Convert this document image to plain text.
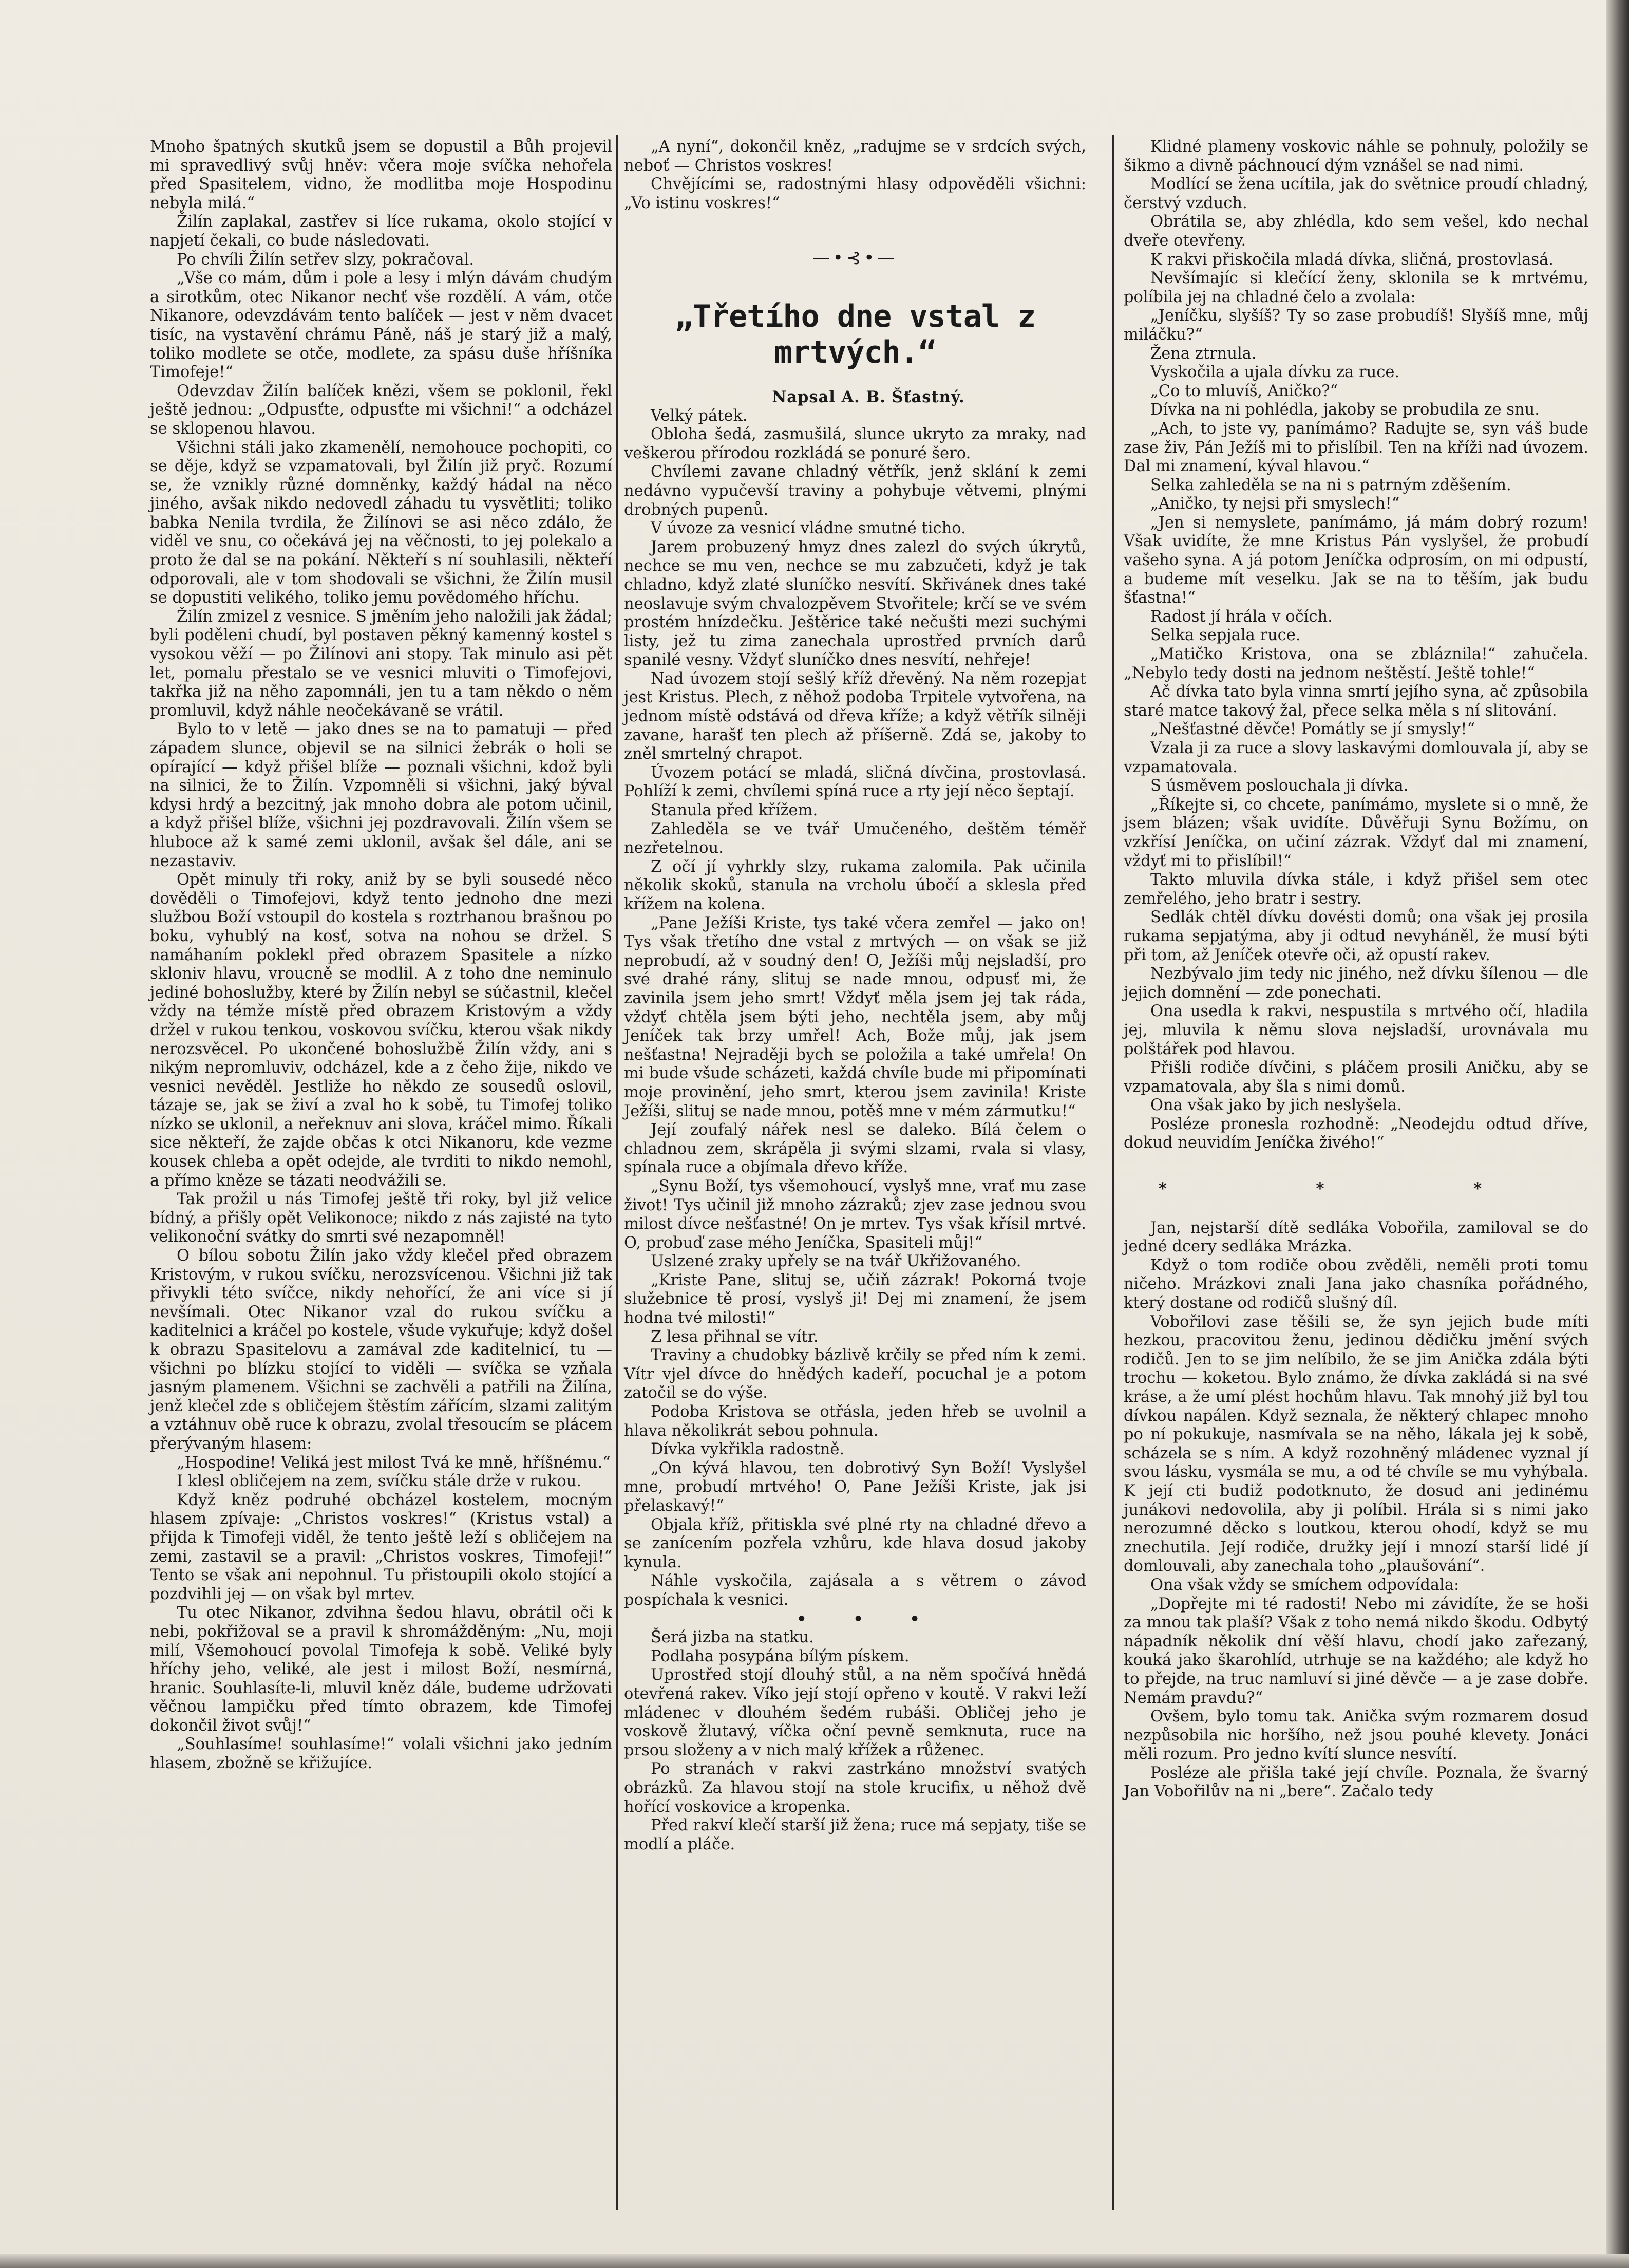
Mnoho špatných skutků jsem se dopustil a Bůh projevil mi spravedlivý svůj hněv: včera moje svíčka nehořela před Spasitelem, vidno, že modlitba moje Hospodinu nebyla milá.“

Žilín zaplakal, zastřev si líce rukama, okolo stojící v napjetí čekali, co bude následovati.

Po chvíli Žilín setřev slzy, pokračoval.

„Vše co mám, dům i pole a lesy i mlýn dávám chudým a sirotkům, otec Nikanor nechť vše rozdělí. A vám, otče Nikanore, odevzdávám tento balíček — jest v něm dvacet tisíc, na vystavění chrámu Páně, náš je starý již a malý, toliko modlete se otče, modlete, za spásu duše hříšníka Timofeje!“

Odevzdav Žilín balíček knězi, všem se poklonil, řekl ještě jednou: „Odpusťte, odpusťte mi všichni!“ a odcházel se sklopenou hlavou.

Všichni stáli jako zkamenělí, nemohouce pochopiti, co se děje, když se vzpamatovali, byl Žilín již pryč. Rozumí se, že vznikly různé domněnky, každý hádal na něco jiného, avšak nikdo nedovedl záhadu tu vysvětliti; toliko babka Nenila tvrdila, že Žilínovi se asi něco zdálo, že viděl ve snu, co očekává jej na věčnosti, to jej polekalo a proto že dal se na pokání. Někteří s ní souhlasili, někteří odporovali, ale v tom shodovali se všichni, že Žilín musil se dopustiti velikého, toliko jemu povědomého hříchu.

Žilín zmizel z vesnice. S jměním jeho naložili jak žádal; byli poděleni chudí, byl postaven pěkný kamenný kostel s vysokou věží — po Žilínovi ani stopy. Tak minulo asi pět let, pomalu přestalo se ve vesnici mluviti o Timofejovi, takřka již na něho zapomnáli, jen tu a tam někdo o něm promluvil, když náhle neočekávaně se vrátil.

Bylo to v letě — jako dnes se na to pamatuji — před západem slunce, objevil se na silnici žebrák o holi se opírající — když přišel blíže — poznali všichni, kdož byli na silnici, že to Žilín. Vzpomněli si všichni, jaký býval kdysi hrdý a bezcitný, jak mnoho dobra ale potom učinil, a když přišel blíže, všichni jej pozdravovali. Žilín všem se hluboce až k samé zemi uklonil, avšak šel dále, ani se nezastaviv.

Opět minuly tři roky, aniž by se byli sousedé něco dověděli o Timofejovi, když tento jednoho dne mezi službou Boží vstoupil do kostela s roztrhanou brašnou po boku, vyhublý na kosť, sotva na nohou se držel. S namáhaním poklekl před obrazem Spasitele a nízko skloniv hlavu, vroucně se modlil. A z toho dne neminulo jediné bohoslužby, které by Žilín nebyl se súčastnil, klečel vždy na témže místě před obrazem Kristovým a vždy držel v rukou tenkou, voskovou svíčku, kterou však nikdy nerozsvěcel. Po ukončené bohoslužbě Žilín vždy, ani s nikým nepromluviv, odcházel, kde a z čeho žije, nikdo ve vesnici nevěděl. Jestliže ho někdo ze sousedů oslovil, tázaje se, jak se živí a zval ho k sobě, tu Timofej toliko nízko se uklonil, a neřeknuv ani slova, kráčel mimo. Říkali sice někteří, že zajde občas k otci Nikanoru, kde vezme kousek chleba a opět odejde, ale tvrditi to nikdo nemohl, a přímo kněze se tázati neodvážili se.

Tak prožil u nás Timofej ještě tři roky, byl již velice bídný, a přišly opět Velikonoce; nikdo z nás zajisté na tyto velikonoční svátky do smrti své nezapomněl!

O bílou sobotu Žilín jako vždy klečel před obrazem Kristovým, v rukou svíčku, nerozsvícenou. Všichni již tak přivykli této svíčce, nikdy nehořící, že ani více si jí nevšímali. Otec Nikanor vzal do rukou svíčku a kaditelnici a kráčel po kostele, všude vykuřuje; když došel k obrazu Spasitelovu a zamával zde kaditelnicí, tu — všichni po blízku stojící to viděli — svíčka se vzňala jasným plamenem. Všichni se zachvěli a patřili na Žilína, jenž klečel zde s obličejem štěstím zářícím, slzami zalitým a vztáhnuv obě ruce k obrazu, zvolal třesoucím se plácem přerývaným hlasem:

„Hospodine! Veliká jest milost Tvá ke mně, hříšnému.“

I klesl obličejem na zem, svíčku stále drže v rukou.

Když kněz podruhé obcházel kostelem, mocným hlasem zpívaje: „Christos voskres!“ (Kristus vstal) a přijda k Timofeji viděl, že tento ještě leží s obličejem na zemi, zastavil se a pravil: „Christos voskres, Timofeji!“ Tento se však ani nepohnul. Tu přistoupili okolo stojící a pozdvihli jej — on však byl mrtev.

Tu otec Nikanor, zdvihna šedou hlavu, obrátil oči k nebi, pokřižoval se a pravil k shromážděným: „Nu, moji milí, Všemohoucí povolal Timofeja k sobě. Veliké byly hříchy jeho, veliké, ale jest i milost Boží, nesmírná, hranic. Souhlasíte-li, mluvil kněz dále, budeme udržovati věčnou lampičku před tímto obrazem, kde Timofej dokončil život svůj!“

„Souhlasíme! souhlasíme!“ volali všichni jako jedním hlasem, zbožně se křižujíce.

„A nyní“, dokončil kněz, „radujme se v srdcích svých, neboť — Christos voskres!

Chvějícími se, radostnými hlasy odpověděli všichni: „Vo istinu voskres!“

—•⊰•—
„Třetího dne vstal z mrtvých.“

Napsal A. B. Šťastný.

Velký pátek.

Obloha šedá, zasmušilá, slunce ukryto za mraky, nad veškerou přírodou rozkládá se ponuré šero.

Chvílemi zavane chladný větřík, jenž sklání k zemi nedávno vypučevší traviny a pohybuje větvemi, plnými drobných pupenů.

V úvoze za vesnicí vládne smutné ticho.

Jarem probuzený hmyz dnes zalezl do svých úkrytů, nechce se mu ven, nechce se mu zabzučeti, když je tak chladno, když zlaté sluníčko nesvítí. Skřivánek dnes také neoslavuje svým chvalozpěvem Stvořitele; krčí se ve svém prostém hnízdečku. Ještěrice také nečušti mezi suchými listy, jež tu zima zanechala uprostřed prvních darů spanilé vesny. Vždyť sluníčko dnes nesvítí, nehřeje!

Nad úvozem stojí sešlý kříž dřevěný. Na něm rozepjat jest Kristus. Plech, z něhož podoba Trpitele vytvořena, na jednom místě odstává od dřeva kříže; a když větřík silněji zavane, harašť ten plech až příšerně. Zdá se, jakoby to zněl smrtelný chrapot.

Úvozem potácí se mladá, sličná dívčina, prostovlasá. Pohlíží k zemi, chvílemi spíná ruce a rty její něco šeptají.

Stanula před křížem.

Zahleděla se ve tvář Umučeného, deštěm téměř nezřetelnou.

Z očí jí vyhrkly slzy, rukama zalomila. Pak učinila několik skoků, stanula na vrcholu úbočí a sklesla před křížem na kolena.

„Pane Ježíši Kriste, tys také včera zemřel — jako on! Tys však třetího dne vstal z mrtvých — on však se již neprobudí, až v soudný den! O, Ježíši můj nejsladší, pro své drahé rány, slituj se nade mnou, odpusť mi, že zavinila jsem jeho smrt! Vždyť měla jsem jej tak ráda, vždyť chtěla jsem býti jeho, nechtěla jsem, aby můj Jeníček tak brzy umřel! Ach, Bože můj, jak jsem nešťastna! Nejraději bych se položila a také umřela! On mi bude všude scházeti, každá chvíle bude mi připomínati moje provinění, jeho smrt, kterou jsem zavinila! Kriste Ježíši, slituj se nade mnou, potěš mne v mém zármutku!“

Její zoufalý nářek nesl se daleko. Bílá čelem o chladnou zem, skrápěla ji svými slzami, rvala si vlasy, spínala ruce a objímala dřevo kříže.

„Synu Boží, tys všemohoucí, vyslyš mne, vrať mu zase život! Tys učinil již mnoho zázraků; zjev zase jednou svou milost dívce nešťastné! On je mrtev. Tys však křísil mrtvé. O, probuď zase mého Jeníčka, Spasiteli můj!“

Uslzené zraky upřely se na tvář Ukřižovaného.

„Kriste Pane, slituj se, učiň zázrak! Pokorná tvoje služebnice tě prosí, vyslyš ji! Dej mi znamení, že jsem hodna tvé milosti!“

Z lesa přihnal se vítr.

Traviny a chudobky bázlivě krčily se před ním k zemi. Vítr vjel dívce do hnědých kadeří, pocuchal je a potom zatočil se do výše.

Podoba Kristova se otřásla, jeden hřeb se uvolnil a hlava několikrát sebou pohnula.

Dívka vykřikla radostně.

„On kývá hlavou, ten dobrotivý Syn Boží! Vyslyšel mne, probudí mrtvého! O, Pane Ježíši Kriste, jak jsi přelaskavý!“

Objala kříž, přitiskla své plné rty na chladné dřevo a se zanícením pozřela vzhůru, kde hlava dosud jakoby kynula.

Náhle vyskočila, zajásala a s větrem o závod pospíchala k vesnici.

• • •

Šerá jizba na statku.

Podlaha posypána bílým pískem.

Uprostřed stojí dlouhý stůl, a na něm spočívá hnědá otevřená rakev. Víko její stojí opřeno v koutě. V rakvi leží mládenec v dlouhém šedém rubáši. Obličej jeho je voskově žlutavý, víčka oční pevně semknuta, ruce na prsou složeny a v nich malý křížek a růženec.

Po stranách v rakvi zastrkáno množství svatých obrázků. Za hlavou stojí na stole krucifix, u něhož dvě hořící voskovice a kropenka.

Před rakví klečí starší již žena; ruce má sepjaty, tiše se modlí a pláče.

Klidné plameny voskovic náhle se pohnuly, položily se šikmo a divně páchnoucí dým vznášel se nad nimi.

Modlící se žena ucítila, jak do světnice proudí chladný, čerstvý vzduch.

Obrátila se, aby zhlédla, kdo sem vešel, kdo nechal dveře otevřeny.

K rakvi přiskočila mladá dívka, sličná, prostovlasá.

Nevšímajíc si klečící ženy, sklonila se k mrtvému, políbila jej na chladné čelo a zvolala:

„Jeníčku, slyšíš? Ty so zase probudíš! Slyšíš mne, můj miláčku?“

Žena ztrnula.

Vyskočila a ujala dívku za ruce.

„Co to mluvíš, Aničko?“

Dívka na ni pohlédla, jakoby se probudila ze snu.

„Ach, to jste vy, panímámo? Radujte se, syn váš bude zase živ, Pán Ježíš mi to přislíbil. Ten na kříži nad úvozem. Dal mi znamení, kýval hlavou.“

Selka zahleděla se na ni s patrným zděšením.

„Aničko, ty nejsi při smyslech!“

„Jen si nemyslete, panímámo, já mám dobrý rozum! Však uvidíte, že mne Kristus Pán vyslyšel, že probudí vašeho syna. A já potom Jeníčka odprosím, on mi odpustí, a budeme mít veselku. Jak se na to těším, jak budu šťastna!“

Radost jí hrála v očích.

Selka sepjala ruce.

„Matičko Kristova, ona se zbláznila!“ zahučela. „Nebylo tedy dosti na jednom neštěstí. Ještě tohle!“

Ač dívka tato byla vinna smrtí jejího syna, ač způsobila staré matce takový žal, přece selka měla s ní slitování.

„Nešťastné děvče! Pomátly se jí smysly!“

Vzala ji za ruce a slovy laskavými domlouvala jí, aby se vzpamatovala.

S úsměvem poslouchala ji dívka.

„Říkejte si, co chcete, panímámo, myslete si o mně, že jsem blázen; však uvidíte. Důvěřuji Synu Božímu, on vzkřísí Jeníčka, on učiní zázrak. Vždyť dal mi znamení, vždyť mi to přislíbil!“

Takto mluvila dívka stále, i když přišel sem otec zemřelého, jeho bratr i sestry.

Sedlák chtěl dívku dovésti domů; ona však jej prosila rukama sepjatýma, aby ji odtud nevyháněl, že musí býti při tom, až Jeníček otevře oči, až opustí rakev.

Nezbývalo jim tedy nic jiného, než dívku šílenou — dle jejich domnění — zde ponechati.

Ona usedla k rakvi, nespustila s mrtvého očí, hladila jej, mluvila k němu slova nejsladší, urovnávala mu polštářek pod hlavou.

Přišli rodiče dívčini, s pláčem prosili Aničku, aby se vzpamatovala, aby šla s nimi domů.

Ona však jako by jich neslyšela.

Posléze pronesla rozhodně: „Neodejdu odtud dříve, dokud neuvidím Jeníčka živého!“

* * *

Jan, nejstarší dítě sedláka Vobořila, zamiloval se do jedné dcery sedláka Mrázka.

Když o tom rodiče obou zvěděli, neměli proti tomu ničeho. Mrázkovi znali Jana jako chasníka pořádného, který dostane od rodičů slušný díl.

Vobořilovi zase těšili se, že syn jejich bude míti hezkou, pracovitou ženu, jedinou dědičku jmění svých rodičů. Jen to se jim nelíbilo, že se jim Anička zdála býti trochu — koketou. Bylo známo, že dívka zakládá si na své kráse, a že umí plést hochům hlavu. Tak mnohý již byl tou dívkou napálen. Když seznala, že některý chlapec mnoho po ní pokukuje, nasmívala se na něho, lákala jej k sobě, scházela se s ním. A když rozohněný mládenec vyznal jí svou lásku, vysmála se mu, a od té chvíle se mu vyhýbala. K její cti budiž podotknuto, že dosud ani jedinému junákovi nedovolila, aby ji políbil. Hrála si s nimi jako nerozumné děcko s loutkou, kterou ohodí, když se mu znechutila. Její rodiče, družky její i mnozí starší lidé jí domlouvali, aby zanechala toho „plaušování“.

Ona však vždy se smíchem odpovídala:

„Dopřejte mi té radosti! Nebo mi závidíte, že se hoši za mnou tak plaší? Však z toho nemá nikdo škodu. Odbytý nápadník několik dní věší hlavu, chodí jako zařezaný, kouká jako škarohlíd, utrhuje se na každého; ale když ho to přejde, na truc namluví si jiné děvče — a je zase dobře. Nemám pravdu?“

Ovšem, bylo tomu tak. Anička svým rozmarem dosud nezpůsobila nic horšího, než jsou pouhé klevety. Jonáci měli rozum. Pro jedno kvítí slunce nesvítí.

Posléze ale přišla také její chvíle. Poznala, že švarný Jan Vobořilův na ni „bere“. Začalo tedy
